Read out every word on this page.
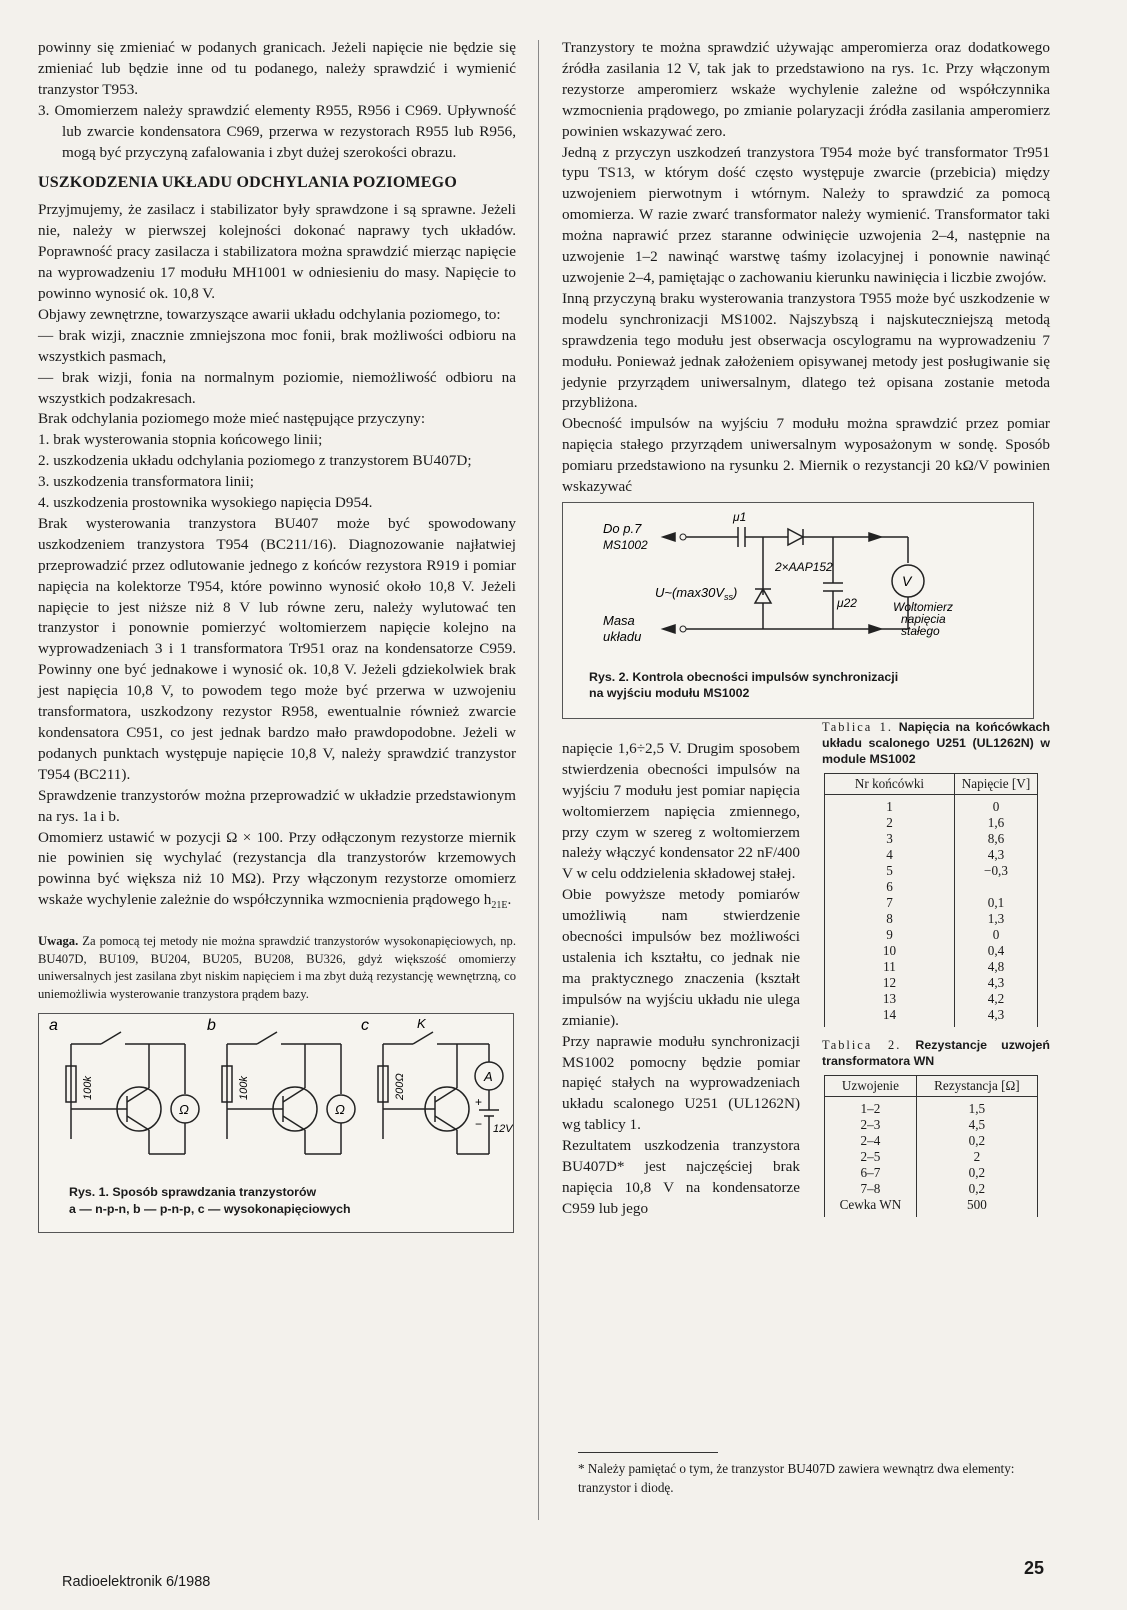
powinny się zmieniać w podanych granicach. Jeżeli napięcie nie będzie się zmieniać lub będzie inne od tu podanego, należy sprawdzić i wymienić tranzystor T953.

3. Omomierzem należy sprawdzić elementy R955, R956 i C969. Upływność lub zwarcie kondensatora C969, przerwa w rezystorach R955 lub R956, mogą być przyczyną zafalowania i zbyt dużej szerokości obrazu.

USZKODZENIA UKŁADU ODCHYLANIA POZIOMEGO

Przyjmujemy, że zasilacz i stabilizator były sprawdzone i są sprawne. Jeżeli nie, należy w pierwszej kolejności dokonać naprawy tych układów. Poprawność pracy zasilacza i stabilizatora można sprawdzić mierząc napięcie na wyprowadzeniu 17 modułu MH1001 w odniesieniu do masy. Napięcie to powinno wynosić ok. 10,8 V.

Objawy zewnętrzne, towarzyszące awarii układu odchylania poziomego, to:

— brak wizji, znacznie zmniejszona moc fonii, brak możliwości odbioru na wszystkich pasmach,

— brak wizji, fonia na normalnym poziomie, niemożliwość odbioru na wszystkich podzakresach.

Brak odchylania poziomego może mieć następujące przyczyny:

1. brak wysterowania stopnia końcowego linii;

2. uszkodzenia układu odchylania poziomego z tranzystorem BU407D;

3. uszkodzenia transformatora linii;

4. uszkodzenia prostownika wysokiego napięcia D954.

Brak wysterowania tranzystora BU407 może być spowodowany uszkodzeniem tranzystora T954 (BC211/16). Diagnozowanie najłatwiej przeprowadzić przez odlutowanie jednego z końców rezystora R919 i pomiar napięcia na kolektorze T954, które powinno wynosić około 10,8 V. Jeżeli napięcie to jest niższe niż 8 V lub równe zeru, należy wylutować ten tranzystor i ponownie pomierzyć woltomierzem napięcie kolejno na wyprowadzeniach 3 i 1 transformatora Tr951 oraz na kondensatorze C959. Powinny one być jednakowe i wynosić ok. 10,8 V. Jeżeli gdziekolwiek brak jest napięcia 10,8 V, to powodem tego może być przerwa w uzwojeniu transformatora, uszkodzony rezystor R958, ewentualnie również zwarcie kondensatora C951, co jest jednak bardzo mało prawdopodobne. Jeżeli w podanych punktach występuje napięcie 10,8 V, należy sprawdzić tranzystor T954 (BC211).

Sprawdzenie tranzystorów można przeprowadzić w układzie przedstawionym na rys. 1a i b.

Omomierz ustawić w pozycji Ω × 100. Przy odłączonym rezystorze miernik nie powinien się wychylać (rezystancja dla tranzystorów krzemowych powinna być większa niż 10 MΩ). Przy włączonym rezystorze omomierz wskaże wychylenie zależnie do współczynnika wzmocnienia prądowego $h_{21E}$.

Uwaga. Za pomocą tej metody nie można sprawdzić tranzystorów wysokonapięciowych, np. BU407D, BU109, BU204, BU205, BU208, BU326, gdyż większość omomierzy uniwersalnych jest zasilana zbyt niskim napięciem i ma zbyt dużą rezystancję wewnętrzną, co uniemożliwia wysterowanie tranzystora prądem bazy.

a	b	c	K
100k	100k	200Ω
Ω	Ω
A
+
− 12V
Rys. 1. Sposób sprawdzania tranzystorów
a — n-p-n, b — p-n-p, c — wysokonapięciowych

Tranzystory te można sprawdzić używając amperomierza oraz dodatkowego źródła zasilania 12 V, tak jak to przedstawiono na rys. 1c. Przy włączonym rezystorze amperomierz wskaże wychylenie zależne od współczynnika wzmocnienia prądowego, po zmianie polaryzacji źródła zasilania amperomierz powinien wskazywać zero.

Jedną z przyczyn uszkodzeń tranzystora T954 może być transformator Tr951 typu TS13, w którym dość często występuje zwarcie (przebicia) między uzwojeniem pierwotnym i wtórnym. Należy to sprawdzić za pomocą omomierza. W razie zwarć transformator należy wymienić. Transformator taki można naprawić przez staranne odwinięcie uzwojenia 2–4, następnie na uzwojenie 1–2 nawinąć warstwę taśmy izolacyjnej i ponownie nawinąć uzwojenie 2–4, pamiętając o zachowaniu kierunku nawinięcia i liczbie zwojów.

Inną przyczyną braku wysterowania tranzystora T955 może być uszkodzenie w modelu synchronizacji MS1002. Najszybszą i najskuteczniejszą metodą sprawdzenia tego modułu jest obserwacja oscylogramu na wyprowadzeniu 7 modułu. Ponieważ jednak założeniem opisywanej metody jest posługiwanie się jedynie przyrządem uniwersalnym, dlatego też opisana zostanie metoda przybliżona.

Obecność impulsów na wyjściu 7 modułu można sprawdzić przez pomiar napięcia stałego przyrządem uniwersalnym wyposażonym w sondę. Sposób pomiaru przedstawiono na rysunku 2. Miernik o rezystancji 20 kΩ/V powinien wskazywać

Do p.7
MS1002
μ1
2×AAP152
$U\sim(\max 30V_{ss})$
μ22
V
Woltomierz
napięcia
stałego
Masa
układu
Rys. 2. Kontrola obecności impulsów synchronizacji
na wyjściu modułu MS1002

napięcie 1,6÷2,5 V. Drugim sposobem stwierdzenia obecności impulsów na wyjściu 7 modułu jest pomiar napięcia woltomierzem napięcia zmiennego, przy czym w szereg z woltomierzem należy włączyć kondensator 22 nF/400 V w celu oddzielenia składowej stałej.

Obie powyższe metody pomiarów umożliwią nam stwierdzenie obecności impulsów bez możliwości ustalenia ich kształtu, co jednak nie ma praktycznego znaczenia (kształt impulsów na wyjściu układu nie ulega zmianie).

Przy naprawie modułu synchronizacji MS1002 pomocny będzie pomiar napięć stałych na wyprowadzeniach układu scalonego U251 (UL1262N) wg tablicy 1.

Rezultatem uszkodzenia tranzystora BU407D* jest najczęściej brak napięcia 10,8 V na kondensatorze C959 lub jego

Tablica 1. Napięcia na końcówkach układu scalonego U251 (UL1262N) w module MS1002
Nr końcówki	Napięcie [V]
1	0
2	1,6
3	8,6
4	4,3
5	−0,3
6	
7	0,1
8	1,3
9	0
10	0,4
11	4,8
12	4,3
13	4,2
14	4,3
Tablica 2. Rezystancje uzwojeń transformatora WN
Uzwojenie	Rezystancja [Ω]
1–2	1,5
2–3	4,5
2–4	0,2
2–5	2
6–7	0,2
7–8	0,2
Cewka WN	500
* Należy pamiętać o tym, że tranzystor BU407D zawiera wewnątrz dwa elementy: tranzystor i diodę.
Radioelektronik 6/1988
25
